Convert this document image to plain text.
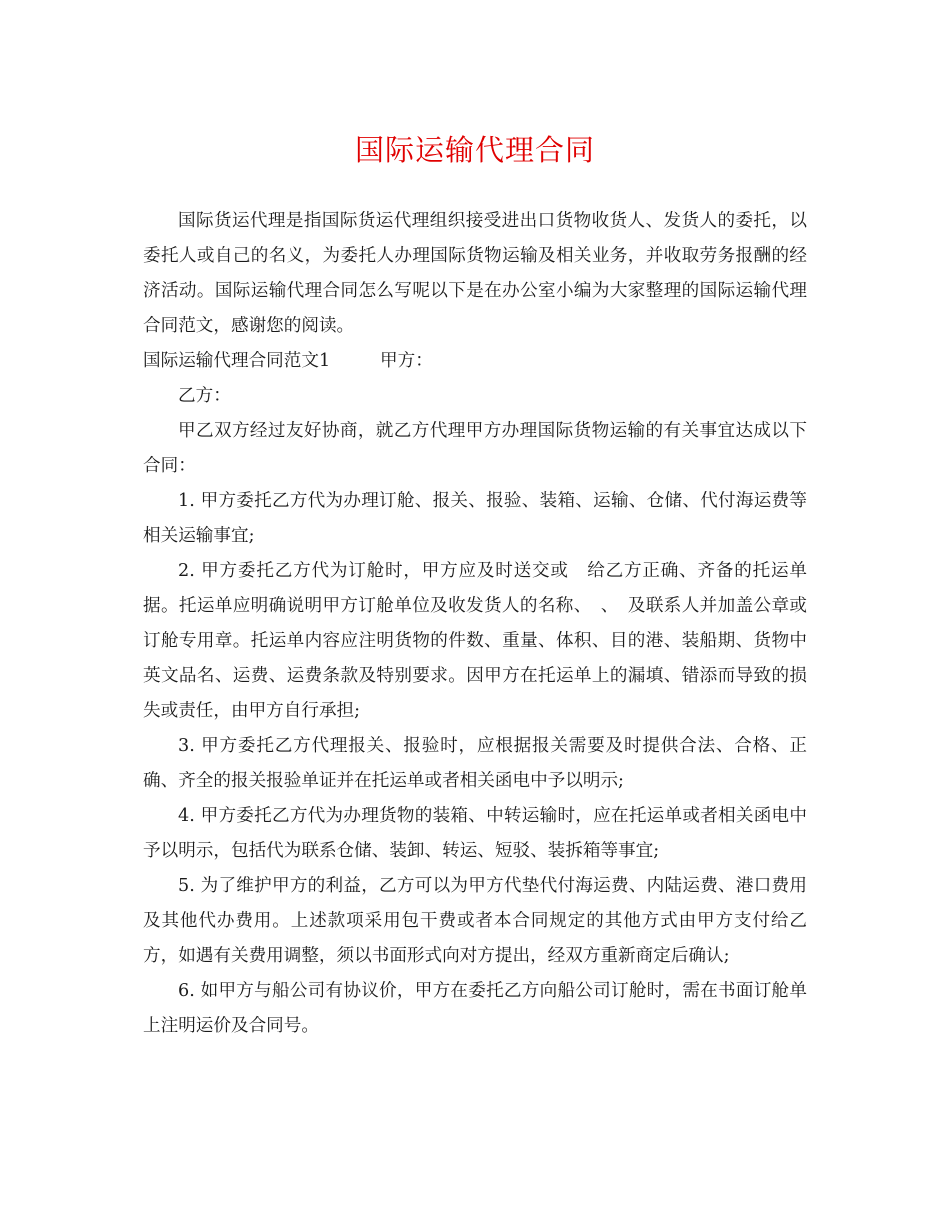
国际运输代理合同

国际货运代理是指国际货运代理组织接受进出口货物收货人、发货人的委托，以委托人或自己的名义，为委托人办理国际货物运输及相关业务，并收取劳务报酬的经济活动。国际运输代理合同怎么写呢以下是在办公室小编为大家整理的国际运输代理合同范文，感谢您的阅读。

国际运输代理合同范文1	甲方：

乙方：

甲乙双方经过友好协商，就乙方代理甲方办理国际货物运输的有关事宜达成以下合同：

1. 甲方委托乙方代为办理订舱、报关、报验、装箱、运输、仓储、代付海运费等相关运输事宜;

2. 甲方委托乙方代为订舱时，甲方应及时送交或　给乙方正确、齐备的托运单据。托运单应明确说明甲方订舱单位及收发货人的名称、　、　及联系人并加盖公章或订舱专用章。托运单内容应注明货物的件数、重量、体积、目的港、装船期、货物中英文品名、运费、运费条款及特别要求。因甲方在托运单上的漏填、错添而导致的损失或责任，由甲方自行承担;

3. 甲方委托乙方代理报关、报验时，应根据报关需要及时提供合法、合格、正确、齐全的报关报验单证并在托运单或者相关函电中予以明示;

4. 甲方委托乙方代为办理货物的装箱、中转运输时，应在托运单或者相关函电中予以明示，包括代为联系仓储、装卸、转运、短驳、装拆箱等事宜;

5. 为了维护甲方的利益，乙方可以为甲方代垫代付海运费、内陆运费、港口费用及其他代办费用。上述款项采用包干费或者本合同规定的其他方式由甲方支付给乙方，如遇有关费用调整，须以书面形式向对方提出，经双方重新商定后确认;

6. 如甲方与船公司有协议价，甲方在委托乙方向船公司订舱时，需在书面订舱单上注明运价及合同号。
